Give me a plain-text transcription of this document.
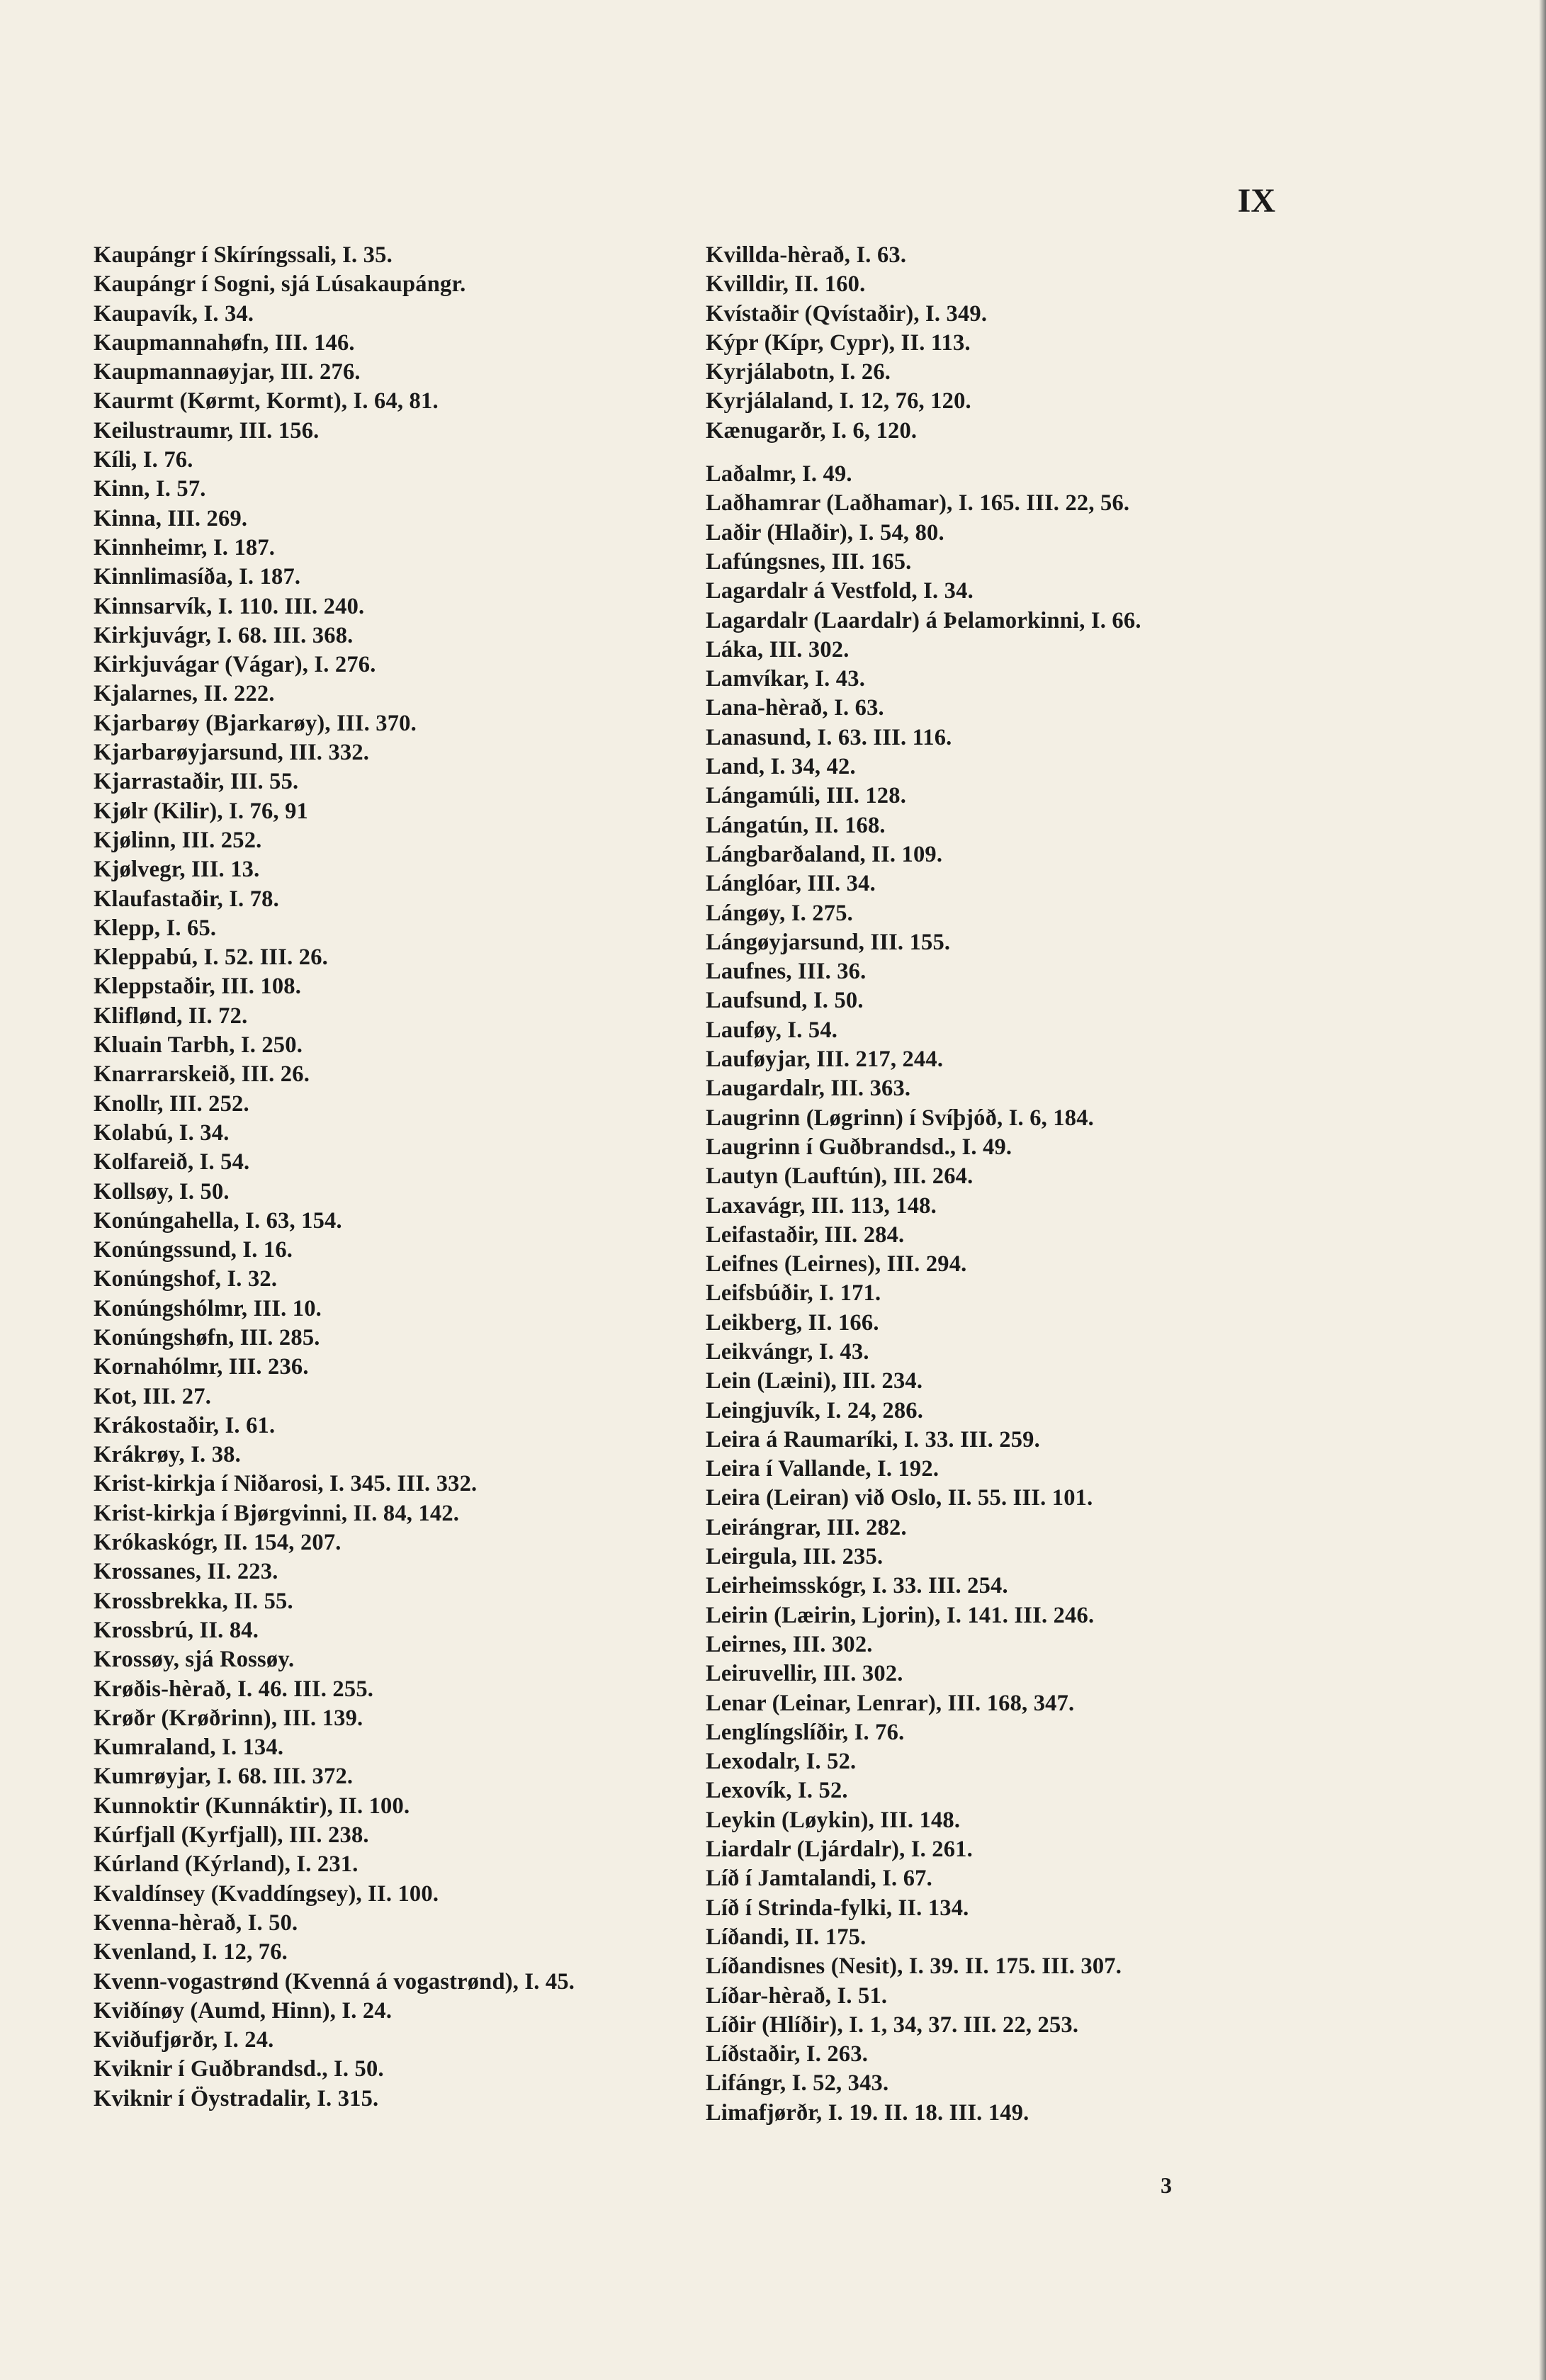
IX
Kaupángr í Skíríngssali, I. 35.
Kaupángr í Sogni, sjá Lúsakaupángr.
Kaupavík, I. 34.
Kaupmannahøfn, III. 146.
Kaupmannaøyjar, III. 276.
Kaurmt (Kørmt, Kormt), I. 64, 81.
Keilustraumr, III. 156.
Kíli, I. 76.
Kinn, I. 57.
Kinna, III. 269.
Kinnheimr, I. 187.
Kinnlimasíða, I. 187.
Kinnsarvík, I. 110. III. 240.
Kirkjuvágr, I. 68. III. 368.
Kirkjuvágar (Vágar), I. 276.
Kjalarnes, II. 222.
Kjarbarøy (Bjarkarøy), III. 370.
Kjarbarøyjarsund, III. 332.
Kjarrastaðir, III. 55.
Kjølr (Kilir), I. 76, 91
Kjølinn, III. 252.
Kjølvegr, III. 13.
Klaufastaðir, I. 78.
Klepp, I. 65.
Kleppabú, I. 52. III. 26.
Kleppstaðir, III. 108.
Kliflønd, II. 72.
Kluain Tarbh, I. 250.
Knarrarskeið, III. 26.
Knollr, III. 252.
Kolabú, I. 34.
Kolfareið, I. 54.
Kollsøy, I. 50.
Konúngahella, I. 63, 154.
Konúngssund, I. 16.
Konúngshof, I. 32.
Konúngshólmr, III. 10.
Konúngshøfn, III. 285.
Kornahólmr, III. 236.
Kot, III. 27.
Krákostaðir, I. 61.
Krákrøy, I. 38.
Krist-kirkja í Niðarosi, I. 345. III. 332.
Krist-kirkja í Bjørgvinni, II. 84, 142.
Krókaskógr, II. 154, 207.
Krossanes, II. 223.
Krossbrekka, II. 55.
Krossbrú, II. 84.
Krossøy, sjá Rossøy.
Krøðis-hèrað, I. 46. III. 255.
Krøðr (Krøðrinn), III. 139.
Kumraland, I. 134.
Kumrøyjar, I. 68. III. 372.
Kunnoktir (Kunnáktir), II. 100.
Kúrfjall (Kyrfjall), III. 238.
Kúrland (Kýrland), I. 231.
Kvaldínsey (Kvaddíngsey), II. 100.
Kvenna-hèrað, I. 50.
Kvenland, I. 12, 76.
Kvenn-vogastrønd (Kvenná á vogastrønd), I. 45.
Kviðínøy (Aumd, Hinn), I. 24.
Kviðufjørðr, I. 24.
Kviknir í Guðbrandsd., I. 50.
Kviknir í Öystradalir, I. 315.
Kvillda-hèrað, I. 63.
Kvilldir, II. 160.
Kvístaðir (Qvístaðir), I. 349.
Kýpr (Kípr, Cypr), II. 113.
Kyrjálabotn, I. 26.
Kyrjálaland, I. 12, 76, 120.
Kænugarðr, I. 6, 120.
Laðalmr, I. 49.
Laðhamrar (Laðhamar), I. 165. III. 22, 56.
Laðir (Hlaðir), I. 54, 80.
Lafúngsnes, III. 165.
Lagardalr á Vestfold, I. 34.
Lagardalr (Laardalr) á Þelamorkinni, I. 66.
Láka, III. 302.
Lamvíkar, I. 43.
Lana-hèrað, I. 63.
Lanasund, I. 63. III. 116.
Land, I. 34, 42.
Lángamúli, III. 128.
Lángatún, II. 168.
Lángbarðaland, II. 109.
Lánglóar, III. 34.
Lángøy, I. 275.
Lángøyjarsund, III. 155.
Laufnes, III. 36.
Laufsund, I. 50.
Lauføy, I. 54.
Lauføyjar, III. 217, 244.
Laugardalr, III. 363.
Laugrinn (Løgrinn) í Svíþjóð, I. 6, 184.
Laugrinn í Guðbrandsd., I. 49.
Lautyn (Lauftún), III. 264.
Laxavágr, III. 113, 148.
Leifastaðir, III. 284.
Leifnes (Leirnes), III. 294.
Leifsbúðir, I. 171.
Leikberg, II. 166.
Leikvángr, I. 43.
Lein (Læini), III. 234.
Leingjuvík, I. 24, 286.
Leira á Raumaríki, I. 33. III. 259.
Leira í Vallande, I. 192.
Leira (Leiran) við Oslo, II. 55. III. 101.
Leirángrar, III. 282.
Leirgula, III. 235.
Leirheimsskógr, I. 33. III. 254.
Leirin (Læirin, Ljorin), I. 141. III. 246.
Leirnes, III. 302.
Leiruvellir, III. 302.
Lenar (Leinar, Lenrar), III. 168, 347.
Lenglíngslíðir, I. 76.
Lexodalr, I. 52.
Lexovík, I. 52.
Leykin (Løykin), III. 148.
Liardalr (Ljárdalr), I. 261.
Líð í Jamtalandi, I. 67.
Líð í Strinda-fylki, II. 134.
Líðandi, II. 175.
Líðandisnes (Nesit), I. 39. II. 175. III. 307.
Líðar-hèrað, I. 51.
Líðir (Hlíðir), I. 1, 34, 37. III. 22, 253.
Líðstaðir, I. 263.
Lifángr, I. 52, 343.
Limafjørðr, I. 19. II. 18. III. 149.
3
